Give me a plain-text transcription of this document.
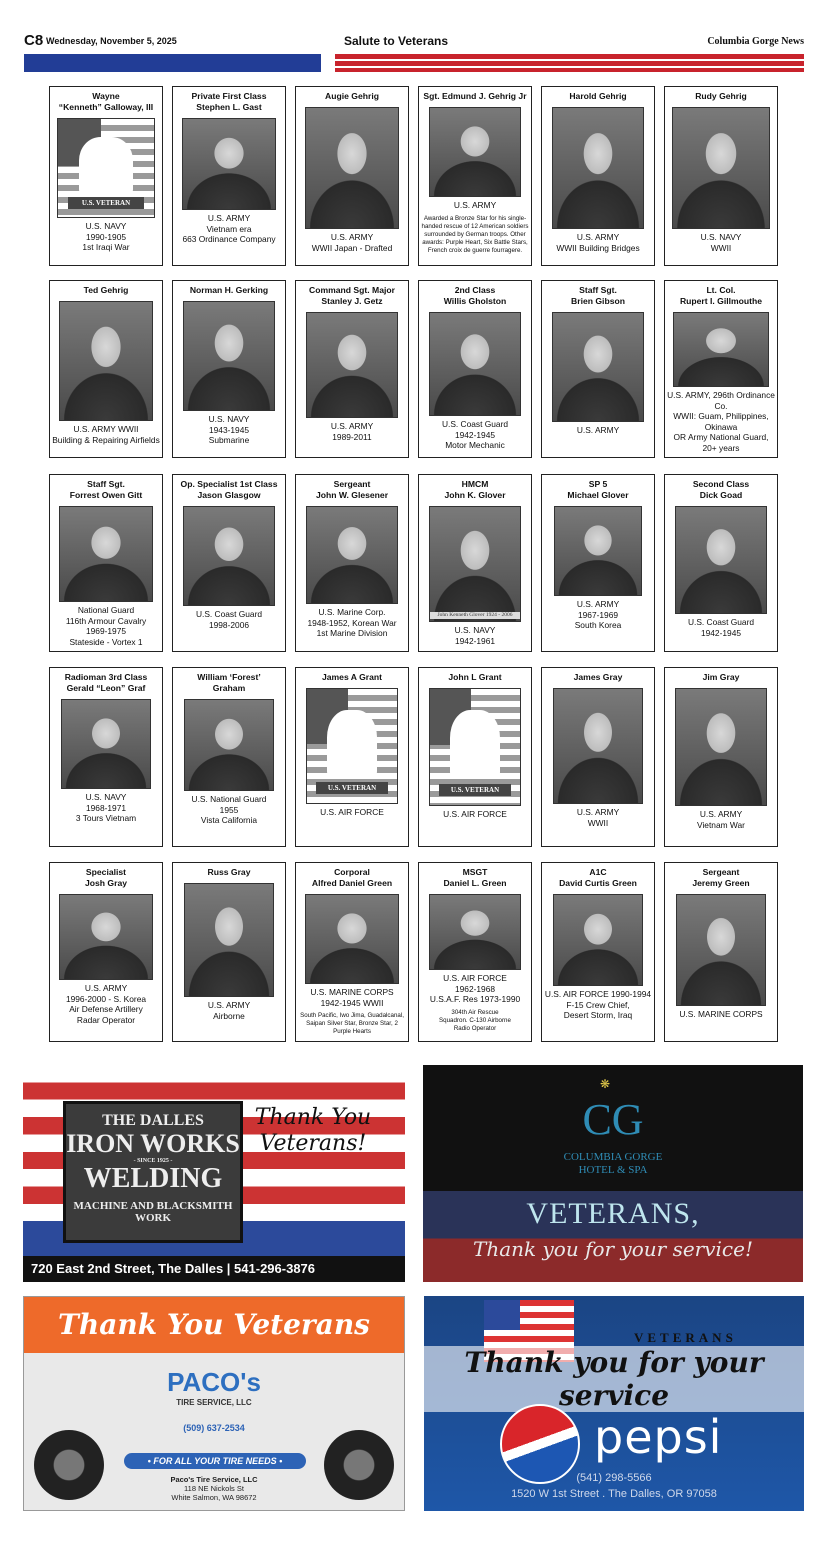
C8 Wednesday, November 5, 2025	Salute to Veterans	Columbia Gorge News
Wayne
“Kenneth” Galloway, III
U.S. VETERAN
U.S. NAVY
1990-1905
1st Iraqi War
Private First Class
Stephen L. Gast
U.S. ARMY
Vietnam era
663 Ordinance Company
Augie Gehrig
U.S. ARMY
WWII Japan - Drafted
Sgt. Edmund J. Gehrig Jr
U.S. ARMY
Awarded a Bronze Star for his single-handed rescue of 12 American soldiers surrounded by German troops. Other awards: Purple Heart, Six Battle Stars, French croix de guerre fourragere.
Harold Gehrig
U.S. ARMY
WWII Building Bridges
Rudy Gehrig
U.S. NAVY
WWII
Ted Gehrig
U.S. ARMY WWII
Building & Repairing Airfields
Norman H. Gerking
U.S. NAVY
1943-1945
Submarine
Command Sgt. Major
Stanley J. Getz
U.S. ARMY
1989-2011
2nd Class
Willis Gholston
U.S. Coast Guard
1942-1945
Motor Mechanic
Staff Sgt.
Brien Gibson
U.S. ARMY
Lt. Col.
Rupert I. Gillmouthe
U.S. ARMY, 296th Ordinance Co.
WWII: Guam, Philippines, Okinawa
OR Army National Guard, 20+ years
Staff Sgt.
Forrest Owen Gitt
National Guard
116th Armour Cavalry
1969-1975
Stateside - Vortex 1
Op. Specialist 1st Class
Jason Glasgow
U.S. Coast Guard
1998-2006
Sergeant
John W. Glesener
U.S. Marine Corp.
1948-1952, Korean War
1st Marine Division
HMCM
John K. Glover
John Kenneth Glover 1924 - 2006
U.S. NAVY
1942-1961
SP 5
Michael Glover
U.S. ARMY
1967-1969
South Korea
Second Class
Dick Goad
U.S. Coast Guard
1942-1945
Radioman 3rd Class
Gerald “Leon” Graf
U.S. NAVY
1968-1971
3 Tours Vietnam
William ‘Forest’
Graham
U.S. National Guard
1955
Vista California
James A Grant
U.S. VETERAN
U.S. AIR FORCE
John L Grant
U.S. VETERAN
U.S. AIR FORCE
James Gray
U.S. ARMY
WWII
Jim Gray
U.S. ARMY
Vietnam War
Specialist
Josh Gray
U.S. ARMY
1996-2000 - S. Korea
Air Defense Artillery
Radar Operator
Russ Gray
U.S. ARMY
Airborne
Corporal
Alfred Daniel Green
U.S. MARINE CORPS
1942-1945 WWII
South Pacific, Iwo Jima, Guadalcanal, Saipan Silver Star, Bronze Star, 2 Purple Hearts
MSGT
Daniel L. Green
U.S. AIR FORCE
1962-1968
U.S.A.F. Res 1973-1990
304th Air Rescue
Squadron. C-130 Airborne
Radio Operator
A1C
David Curtis Green
U.S. AIR FORCE 1990-1994
F-15 Crew Chief,
Desert Storm, Iraq
Sergeant
Jeremy Green
U.S. MARINE CORPS
THE DALLES
IRON WORKS
- SINCE 1925 -
WELDING
MACHINE AND BLACKSMITH WORK
Thank You Veterans!
720 East 2nd Street, The Dalles | 541-296-3876
❋
CG
COLUMBIA GORGE
HOTEL & SPA
VETERANS,
Thank you for your service!
Thank You Veterans
PACO's
TIRE SERVICE, LLC
(509) 637-2534
• FOR ALL YOUR TIRE NEEDS •
Paco's Tire Service, LLC
118 NE Nickols St
White Salmon, WA 98672
VETERANS
Thank you for your service
pepsi
(541) 298-5566
1520 W 1st Street . The Dalles, OR 97058
